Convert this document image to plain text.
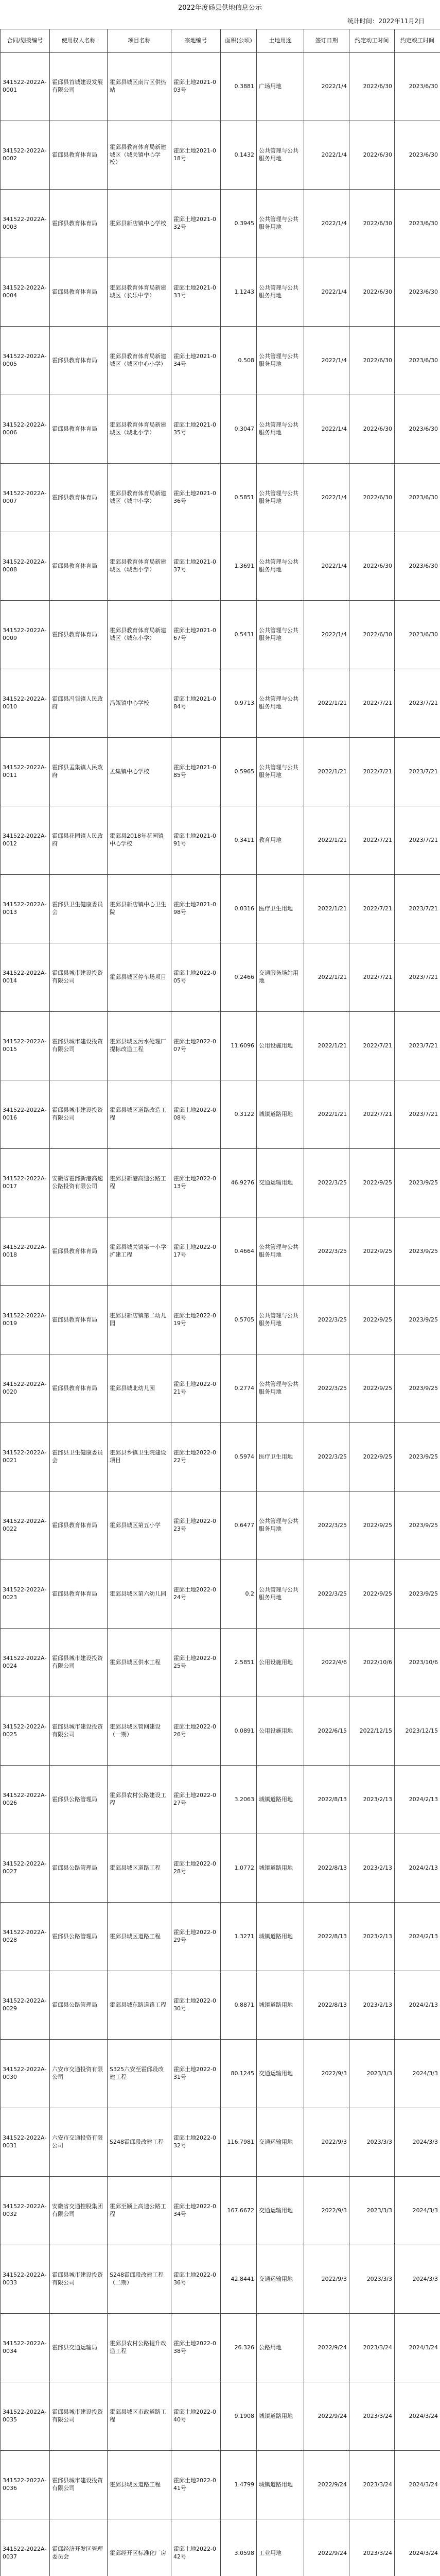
2022年度砀县供地信息公示
统计时间： 2022年11月2日
合同/划拨编号	使用权人名称	项目名称	宗地编号	面积(公顷)	土地用途	签订日期	约定动工时间	约定竣工时间
341522-2022A-0001	霍邱县首城建设发展有限公司	霍邱县城区南片区供热站	霍邱土地2021-003号	0.3881	广场用地	2022/1/4	2022/6/30	2023/6/30
341522-2022A-0002	霍邱县教育体育局	霍邱县教育体育局新建城区（城关镇中心学校）	霍邱土地2021-018号	0.1432	公共管理与公共服务用地	2022/1/4	2022/6/30	2023/6/30
341522-2022A-0003	霍邱县教育体育局	霍邱县新店镇中心学校	霍邱土地2021-032号	0.3945	公共管理与公共服务用地	2022/1/4	2022/6/30	2023/6/30
341522-2022A-0004	霍邱县教育体育局	霍邱县教育体育局新建城区（长乐中学）	霍邱土地2021-033号	1.1243	公共管理与公共服务用地	2022/1/4	2022/6/30	2023/6/30
341522-2022A-0005	霍邱县教育体育局	霍邱县教育体育局新建城区（城区中心小学）	霍邱土地2021-034号	0.508	公共管理与公共服务用地	2022/1/4	2022/6/30	2023/6/30
341522-2022A-0006	霍邱县教育体育局	霍邱县教育体育局新建城区（城北小学）	霍邱土地2021-035号	0.3047	公共管理与公共服务用地	2022/1/4	2022/6/30	2023/6/30
341522-2022A-0007	霍邱县教育体育局	霍邱县教育体育局新建城区（城中小学）	霍邱土地2021-036号	0.5851	公共管理与公共服务用地	2022/1/4	2022/6/30	2023/6/30
341522-2022A-0008	霍邱县教育体育局	霍邱县教育体育局新建城区（城西小学）	霍邱土地2021-037号	1.3691	公共管理与公共服务用地	2022/1/4	2022/6/30	2023/6/30
341522-2022A-0009	霍邱县教育体育局	霍邱县教育体育局新建城区（城东小学）	霍邱土地2021-067号	0.5431	公共管理与公共服务用地	2022/1/4	2022/6/30	2023/6/30
341522-2022A-0010	霍邱县冯瓴镇人民政府	冯瓴镇中心学校	霍邱土地2021-084号	0.9713	公共管理与公共服务用地	2022/1/21	2022/7/21	2023/7/21
341522-2022A-0011	霍邱县孟集镇人民政府	孟集镇中心学校	霍邱土地2021-085号	0.5965	公共管理与公共服务用地	2022/1/21	2022/7/21	2023/7/21
341522-2022A-0012	霍邱县花园镇人民政府	霍邱县2018年花园镇中心学校	霍邱土地2021-091号	0.3411	教育用地	2022/1/21	2022/7/21	2023/7/21
341522-2022A-0013	霍邱县卫生健康委员会	霍邱县新店镇中心卫生院	霍邱土地2021-098号	0.0316	医疗卫生用地	2022/1/21	2022/7/21	2023/7/21
341522-2022A-0014	霍邱县城市建设投资有限公司	霍邱县城区停车场项目	霍邱土地2022-005号	0.2466	交通服务场站用地	2022/1/21	2022/7/21	2023/7/21
341522-2022A-0015	霍邱县城市建设投资有限公司	霍邱县城区污水处理厂提标改造工程	霍邱土地2022-007号	11.6096	公用设施用地	2022/1/21	2022/7/21	2023/7/21
341522-2022A-0016	霍邱县城市建设投资有限公司	霍邱县城区道路改造工程	霍邱土地2022-008号	0.3122	城镇道路用地	2022/1/21	2022/7/21	2023/7/21
341522-2022A-0017	安徽省霍邱新港高速公路投资有限公司	霍邱县新港高速公路工程	霍邱土地2022-013号	46.9276	交通运输用地	2022/3/25	2022/9/25	2023/9/25
341522-2022A-0018	霍邱县教育体育局	霍邱县城关镇第一小学扩建工程	霍邱土地2022-017号	0.4664	公共管理与公共服务用地	2022/3/25	2022/9/25	2023/9/25
341522-2022A-0019	霍邱县教育体育局	霍邱县新店镇第二幼儿园	霍邱土地2022-019号	0.5705	公共管理与公共服务用地	2022/3/25	2022/9/25	2023/9/25
341522-2022A-0020	霍邱县教育体育局	霍邱县城北幼儿园	霍邱土地2022-021号	0.2774	公共管理与公共服务用地	2022/3/25	2022/9/25	2023/9/25
341522-2022A-0021	霍邱县卫生健康委员会	霍邱县乡镇卫生院建设项目	霍邱土地2022-022号	0.5974	医疗卫生用地	2022/3/25	2022/9/25	2023/9/25
341522-2022A-0022	霍邱县教育体育局	霍邱县城区第五小学	霍邱土地2022-023号	0.6477	公共管理与公共服务用地	2022/3/25	2022/9/25	2023/9/25
341522-2022A-0023	霍邱县教育体育局	霍邱县城区第六幼儿园	霍邱土地2022-024号	0.2	公共管理与公共服务用地	2022/3/25	2022/9/25	2023/9/25
341522-2022A-0024	霍邱县城市建设投资有限公司	霍邱县城区供水工程	霍邱土地2022-025号	2.5851	公用设施用地	2022/4/6	2022/10/6	2023/10/6
341522-2022A-0025	霍邱县城市建设投资有限公司	霍邱县城区管网建设（一期）	霍邱土地2022-026号	0.0891	公用设施用地	2022/6/15	2022/12/15	2023/12/15
341522-2022A-0026	霍邱县公路管理局	霍邱县农村公路建设工程	霍邱土地2022-027号	3.2063	城镇道路用地	2022/8/13	2023/2/13	2024/2/13
341522-2022A-0027	霍邱县公路管理局	霍邱县城区道路工程	霍邱土地2022-028号	1.0772	城镇道路用地	2022/8/13	2023/2/13	2024/2/13
341522-2022A-0028	霍邱县公路管理局	霍邱县城区道路工程	霍邱土地2022-029号	1.3271	城镇道路用地	2022/8/13	2023/2/13	2024/2/13
341522-2022A-0029	霍邱县公路管理局	霍邱县城东路道路工程	霍邱土地2022-030号	0.8871	城镇道路用地	2022/8/13	2023/2/13	2024/2/13
341522-2022A-0030	六安市交通投资有限公司	S325六安至霍邱段改建工程	霍邱土地2022-031号	80.1245	交通运输用地	2022/9/3	2023/3/3	2024/3/3
341522-2022A-0031	六安市交通投资有限公司	S248霍邱段改建工程	霍邱土地2022-032号	116.7981	交通运输用地	2022/9/3	2023/3/3	2024/3/3
341522-2022A-0032	安徽省交通控股集团有限公司	霍邱至颍上高速公路工程	霍邱土地2022-034号	167.6672	交通运输用地	2022/9/3	2023/3/3	2024/3/3
341522-2022A-0033	霍邱县城市建设投资有限公司	S248霍邱段改建工程（二期）	霍邱土地2022-036号	42.8441	交通运输用地	2022/9/3	2023/3/3	2024/3/3
341522-2022A-0034	霍邱县交通运输局	霍邱县农村公路提升改造工程	霍邱土地2022-038号	26.326	公路用地	2022/9/24	2023/3/24	2024/3/24
341522-2022A-0035	霍邱县城市建设投资有限公司	霍邱县城区市政道路工程	霍邱土地2022-040号	9.1908	城镇道路用地	2022/9/24	2023/3/24	2024/3/24
341522-2022A-0036	霍邱县城市建设投资有限公司	霍邱县城区道路工程	霍邱土地2022-041号	1.4799	城镇道路用地	2022/9/24	2023/3/24	2024/3/24
341522-2022A-0037	霍邱经济开发区管理委员会	霍邱经开区标准化厂房	霍邱土地2022-042号	3.0598	工业用地	2022/9/24	2023/3/24	2024/3/24
